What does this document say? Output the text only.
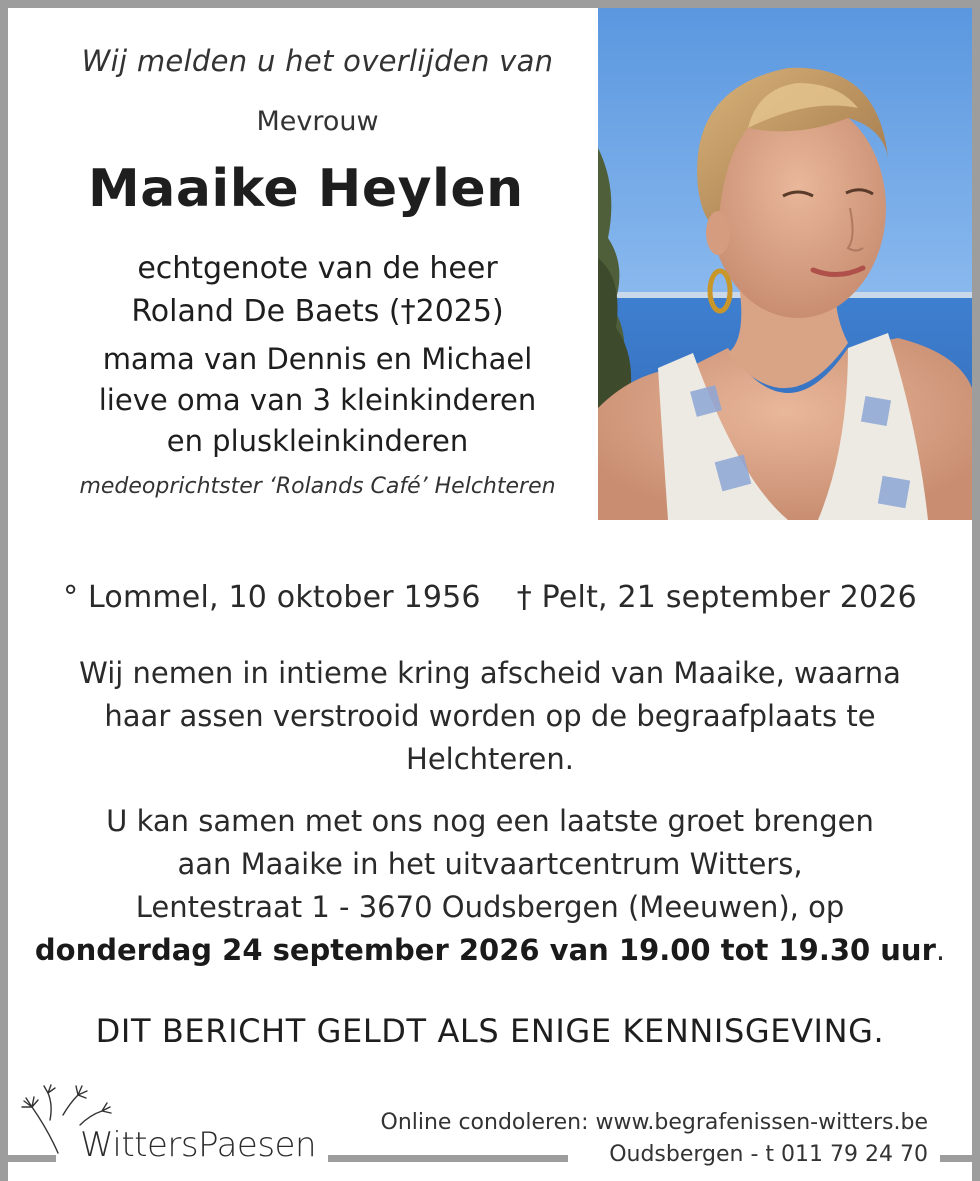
Wij melden u het overlijden van
Mevrouw
Maaike Heylen
echtgenote van de heer
Roland De Baets (†2025)
mama van Dennis en Michael
lieve oma van 3 kleinkinderen
en pluskleinkinderen
medeoprichtster ‘Rolands Café’ Helchteren
° Lommel, 10 oktober 1956 † Pelt, 21 september 2026
Wij nemen in intieme kring afscheid van Maaike, waarna
haar assen verstrooid worden op de begraafplaats te
Helchteren.
U kan samen met ons nog een laatste groet brengen
aan Maaike in het uitvaartcentrum Witters,
Lentestraat 1 - 3670 Oudsbergen (Meeuwen), op
donderdag 24 september 2026 van 19.00 tot 19.30 uur.
DIT BERICHT GELDT ALS ENIGE KENNISGEVING.
WittersPaesen
Online condoleren: www.begrafenissen-witters.be
Oudsbergen - t 011 79 24 70
